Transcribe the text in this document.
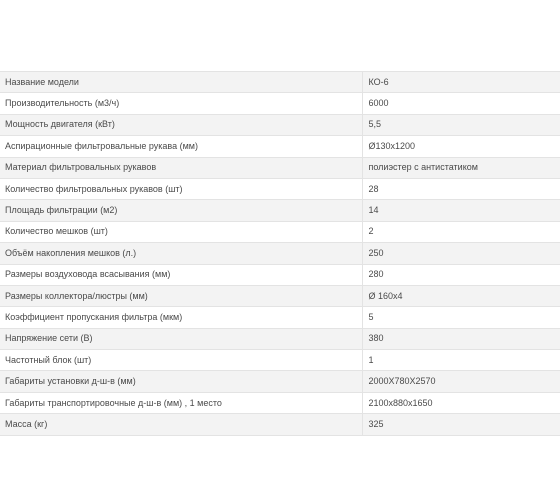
Название модели	КО-6
Производительность (м3/ч)	6000
Мощность двигателя (кВт)	5,5
Аспирационные фильтровальные рукава (мм)	Ø130х1200
Материал фильтровальных рукавов	полиэстер с антистатиком
Количество фильтровальных рукавов (шт)	28
Площадь фильтрации (м2)	14
Количество мешков (шт)	2
Объём накопления мешков (л.)	250
Размеры воздуховода всасывания (мм)	280
Размеры коллектора/люстры (мм)	Ø 160х4
Коэффициент пропускания фильтра (мкм)	5
Напряжение сети (В)	380
Частотный блок (шт)	1
Габариты установки д-ш-в (мм)	2000X780X2570
Габариты транспортировочные д-ш-в (мм) , 1 место	2100х880х1650
Масса (кг)	325
